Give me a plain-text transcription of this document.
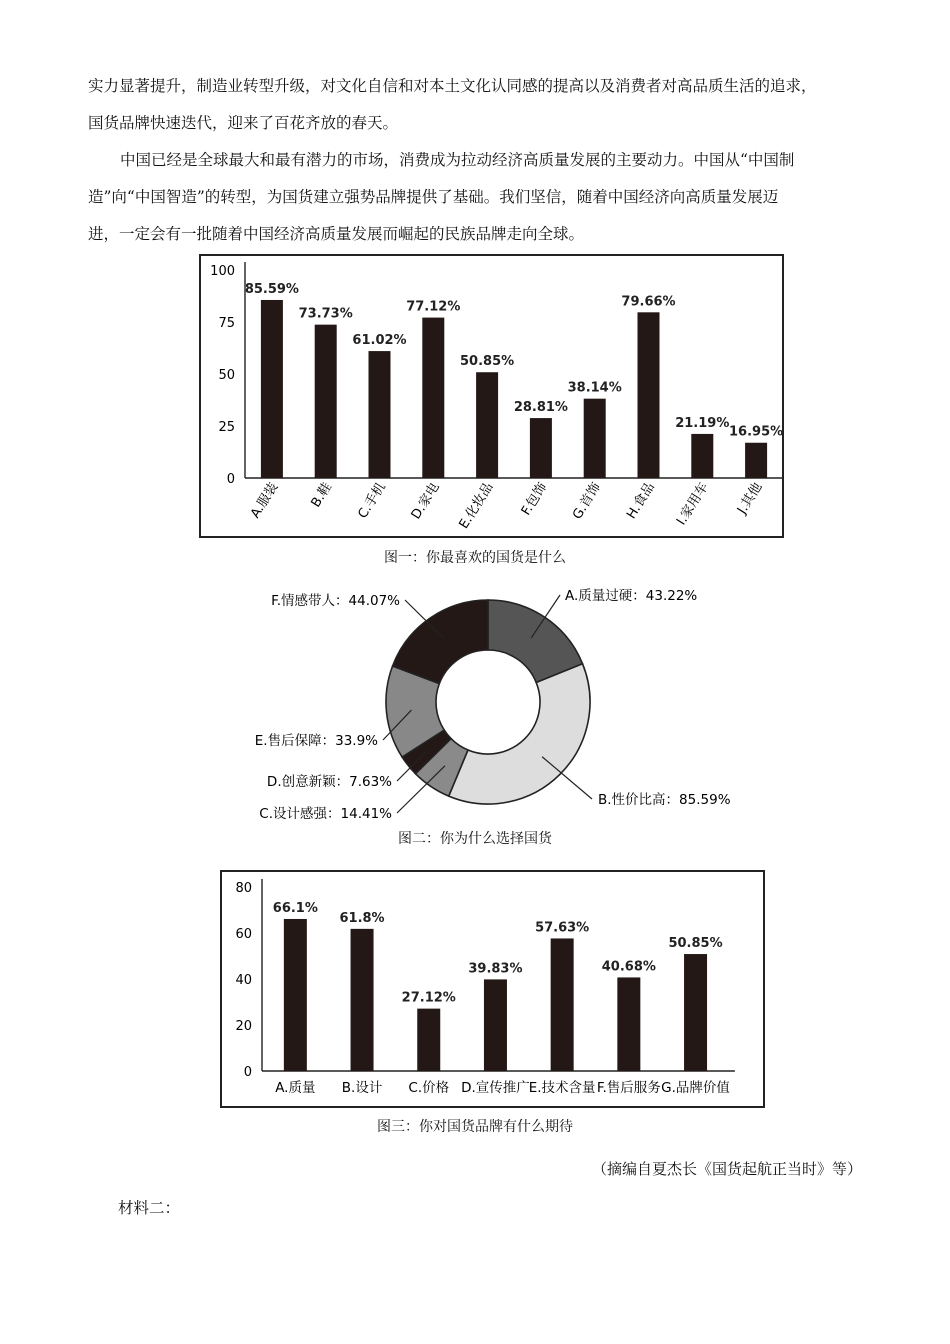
实力显著提升，制造业转型升级，对文化自信和对本土文化认同感的提高以及消费者对高品质生活的追求，
国货品牌快速迭代，迎来了百花齐放的春天。
中国已经是全球最大和最有潜力的市场，消费成为拉动经济高质量发展的主要动力。中国从“中国制
造”向“中国智造”的转型，为国货建立强势品牌提供了基础。我们坚信，随着中国经济向高质量发展迈
进，一定会有一批随着中国经济高质量发展而崛起的民族品牌走向全球。
0
25
50
75
100
85.59%
A.服装
73.73%
B.鞋
61.02%
C.手机
77.12%
D.家电
50.85%
E.化妆品
28.81%
F.包饰
38.14%
G.首饰
79.66%
H.食品
21.19%
I.家用车
16.95%
J.其他
图一：你最喜欢的国货是什么
A.质量过硬：43.22%
B.性价比高：85.59%
C.设计感强：14.41%
D.创意新颖：7.63%
E.售后保障：33.9%
F.情感带人：44.07%
图二：你为什么选择国货
0
20
40
60
80
66.1%
A.质量
61.8%
B.设计
27.12%
C.价格
39.83%
D.宣传推广
57.63%
E.技术含量
40.68%
F.售后服务
50.85%
G.品牌价值
图三：你对国货品牌有什么期待
（摘编自夏杰长《国货起航正当时》等）
材料二：
